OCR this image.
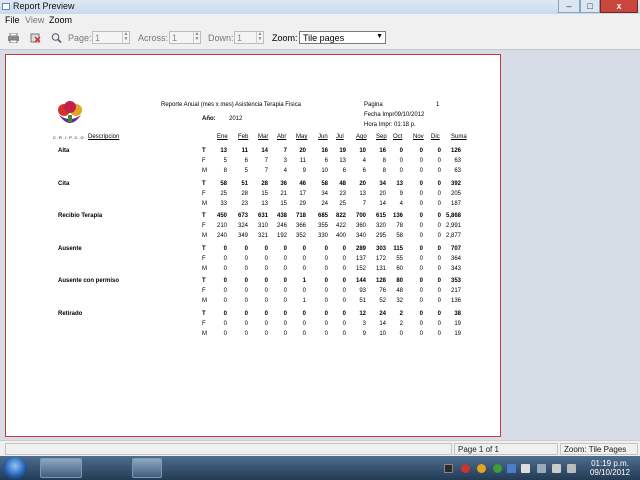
Report Preview	–	□	x
File View Zoom
Page: 1	▲
▼ Across: 1	▲
▼ Down: 1	▲
▼ Zoom: Tile pages	▼
C.R.I.P.C.O
Reporte Anual (mes x mes) Asistencia Terapia Fisica
Año: 2012
Pagina	1
Fecha Impr09/10/2012
Hora Impr: 01:18 p.
Descripcion	Ene Feb Mar Abr May Jun Jul Ago Sep Oct Nov Dic Suma
Alta	T	13	11	14	7	20	16	19	10	16	0	0	0	126
F	5	6	7	3	11	6	13	4	8	0	0	0	63
M	8	5	7	4	9	10	6	6	8	0	0	0	63
Cita	T	58	51	28	36	46	58	48	20	34	13	0	0	392
F	25	28	15	21	17	34	23	13	20	9	0	0	205
M	33	23	13	15	29	24	25	7	14	4	0	0	187
Recibio Terapia	T	450	673	631	438	718	685	822	700	615	136	0	0 5,868
F	210	324	310	246	366	355	422	360	320	78	0	0 2,991
M	240	349	321	192	352	330	400	340	295	58	0	0 2,877
Ausente	T	0	0	0	0	0	0	0	289	303	115	0	0	707
F	0	0	0	0	0	0	0	137	172	55	0	0	364
M	0	0	0	0	0	0	0	152	131	60	0	0	343
Ausente con permiso	T	0	0	0	0	1	0	0	144	128	80	0	0	353
F	0	0	0	0	0	0	0	93	76	48	0	0	217
M	0	0	0	0	1	0	0	51	52	32	0	0	136
Retirado	T	0	0	0	0	0	0	0	12	24	2	0	0	38
F	0	0	0	0	0	0	0	3	14	2	0	0	19
M	0	0	0	0	0	0	0	9	10	0	0	0	19
Page 1 of 1	Zoom: Tile Pages
01:19 p.m.
09/10/2012
